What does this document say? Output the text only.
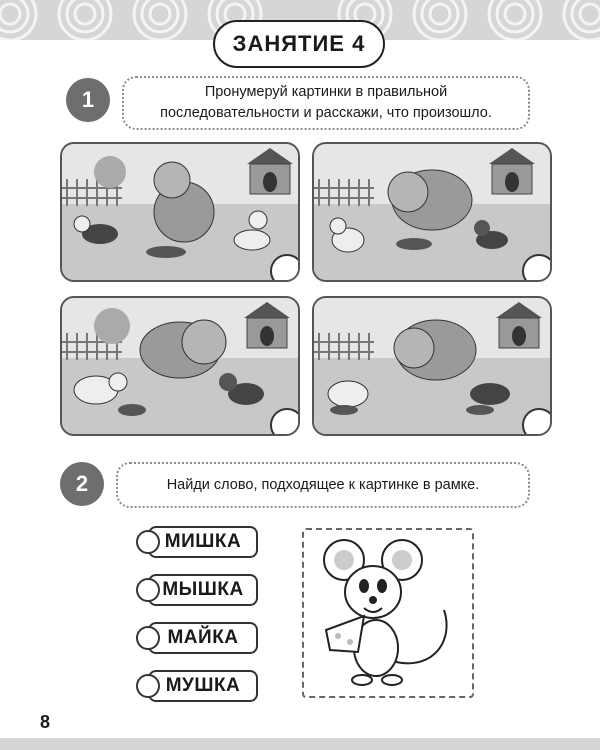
ЗАНЯТИЕ 4
1	Пронумеруй картинки в правильной
последовательности и расскажи, что произошло.
2	Найди слово, подходящее к картинке в рамке.
МИШКА
МЫШКА
МАЙКА
МУШКА
8
